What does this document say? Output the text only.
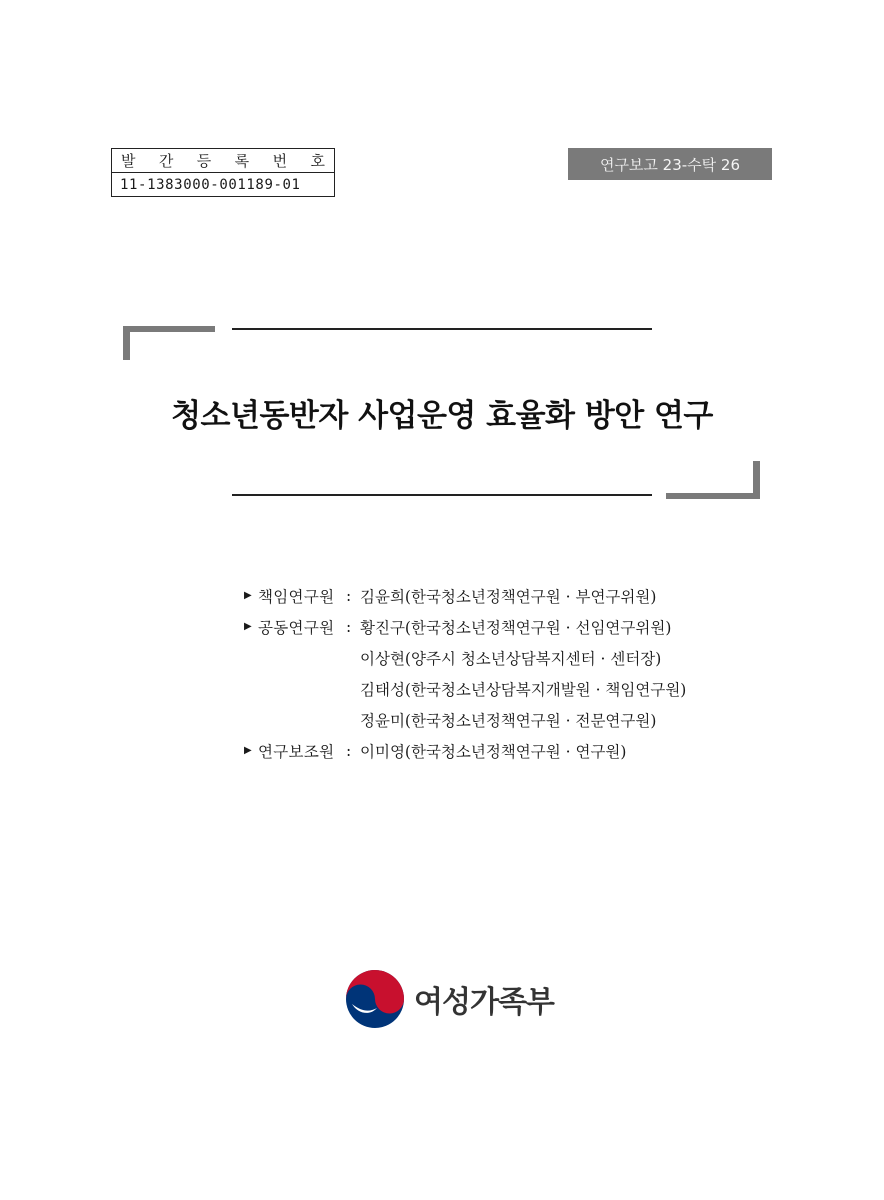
발 간 등 록 번 호
11-1383000-001189-01
연구보고 23-수탁 26
청소년동반자 사업운영 효율화 방안 연구
▶ 책임연구원 : 김윤희(한국청소년정책연구원 · 부연구위원)
▶ 공동연구원 : 황진구(한국청소년정책연구원 · 선임연구위원)
이상현(양주시 청소년상담복지센터 · 센터장)
김태성(한국청소년상담복지개발원 · 책임연구원)
정윤미(한국청소년정책연구원 · 전문연구원)
▶ 연구보조원 : 이미영(한국청소년정책연구원 · 연구원)
여성가족부
